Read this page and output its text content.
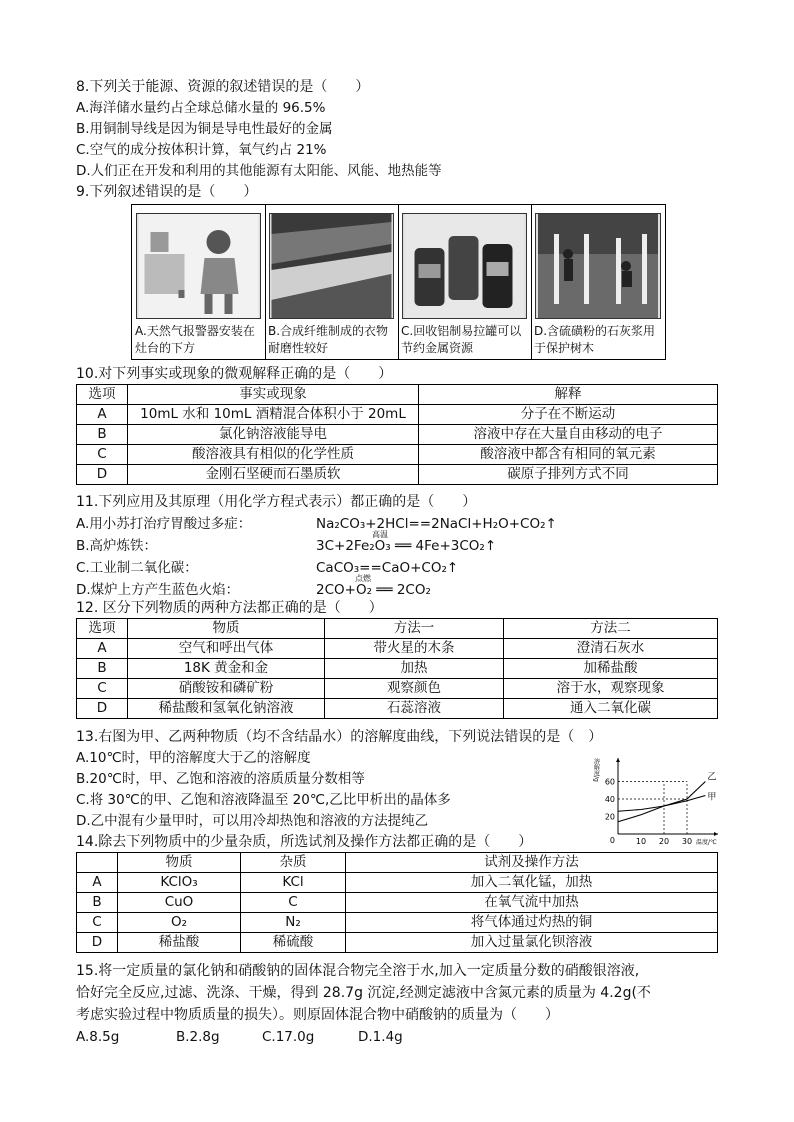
8.下列关于能源、资源的叙述错误的是（　　）
A.海洋储水量约占全球总储水量的 96.5%
B.用铜制导线是因为铜是导电性最好的金属
C.空气的成分按体积计算，氧气约占 21%
D.人们正在开发和利用的其他能源有太阳能、风能、地热能等
9.下列叙述错误的是（　　）
A.天然气报警器安装在灶台的下方
B.合成纤维制成的衣物耐磨性较好
C.回收铝制易拉罐可以节约金属资源
D.含硫磺粉的石灰浆用于保护树木
10.对下列事实或现象的微观解释正确的是（　　）
选项	事实或现象	解释
A	10mL 水和 10mL 酒精混合体积小于 20mL	分子在不断运动
B	氯化钠溶液能导电	溶液中存在大量自由移动的电子
C	酸溶液具有相似的化学性质	酸溶液中都含有相同的氧元素
D	金刚石坚硬而石墨质软	碳原子排列方式不同
11.下列应用及其原理（用化学方程式表示）都正确的是（　　）
A.用小苏打治疗胃酸过多症：	Na₂CO₃+2HCl==2NaCl+H₂O+CO₂↑
B.高炉炼铁：	3C+2Fe₂O₃ ══ 4Fe+3CO₂↑
高温
C.工业制二氧化碳：	CaCO₃==CaO+CO₂↑
D.煤炉上方产生蓝色火焰：	2CO+O₂ ══ 2CO₂
点燃
12. 区分下列物质的两种方法都正确的是（　　）
选项	物质	方法一	方法二
A	空气和呼出气体	带火星的木条	澄清石灰水
B	18K 黄金和金	加热	加稀盐酸
C	硝酸铵和磷矿粉	观察颜色	溶于水，观察现象
D	稀盐酸和氢氧化钠溶液	石蕊溶液	通入二氧化碳
13.右图为甲、乙两种物质（均不含结晶水）的溶解度曲线，下列说法错误的是（　）
A.10℃时，甲的溶解度大于乙的溶解度
B.20℃时，甲、乙饱和溶液的溶质质量分数相等
C.将 30℃的甲、乙饱和溶液降温至 20℃,乙比甲析出的晶体多
D.乙中混有少量甲时，可以用冷却热饱和溶液的方法提纯乙
乙
甲
10 20 30
20
40
60
0	温度/℃
溶解度/g
14.除去下列物质中的少量杂质，所选试剂及操作方法都正确的是（　　）
	物质	杂质	试剂及操作方法
A	KClO₃	KCl	加入二氧化锰，加热
B	CuO	C	在氧气流中加热
C	O₂	N₂	将气体通过灼热的铜
D	稀盐酸	稀硫酸	加入过量氯化钡溶液
15.将一定质量的氯化钠和硝酸钠的固体混合物完全溶于水,加入一定质量分数的硝酸银溶液,
恰好完全反应,过滤、洗涤、干燥，得到 28.7g 沉淀,经测定滤液中含氮元素的质量为 4.2g(不
考虑实验过程中物质质量的损失）。则原固体混合物中硝酸钠的质量为（　　）
A.8.5g	B.2.8g	C.17.0g	D.1.4g
